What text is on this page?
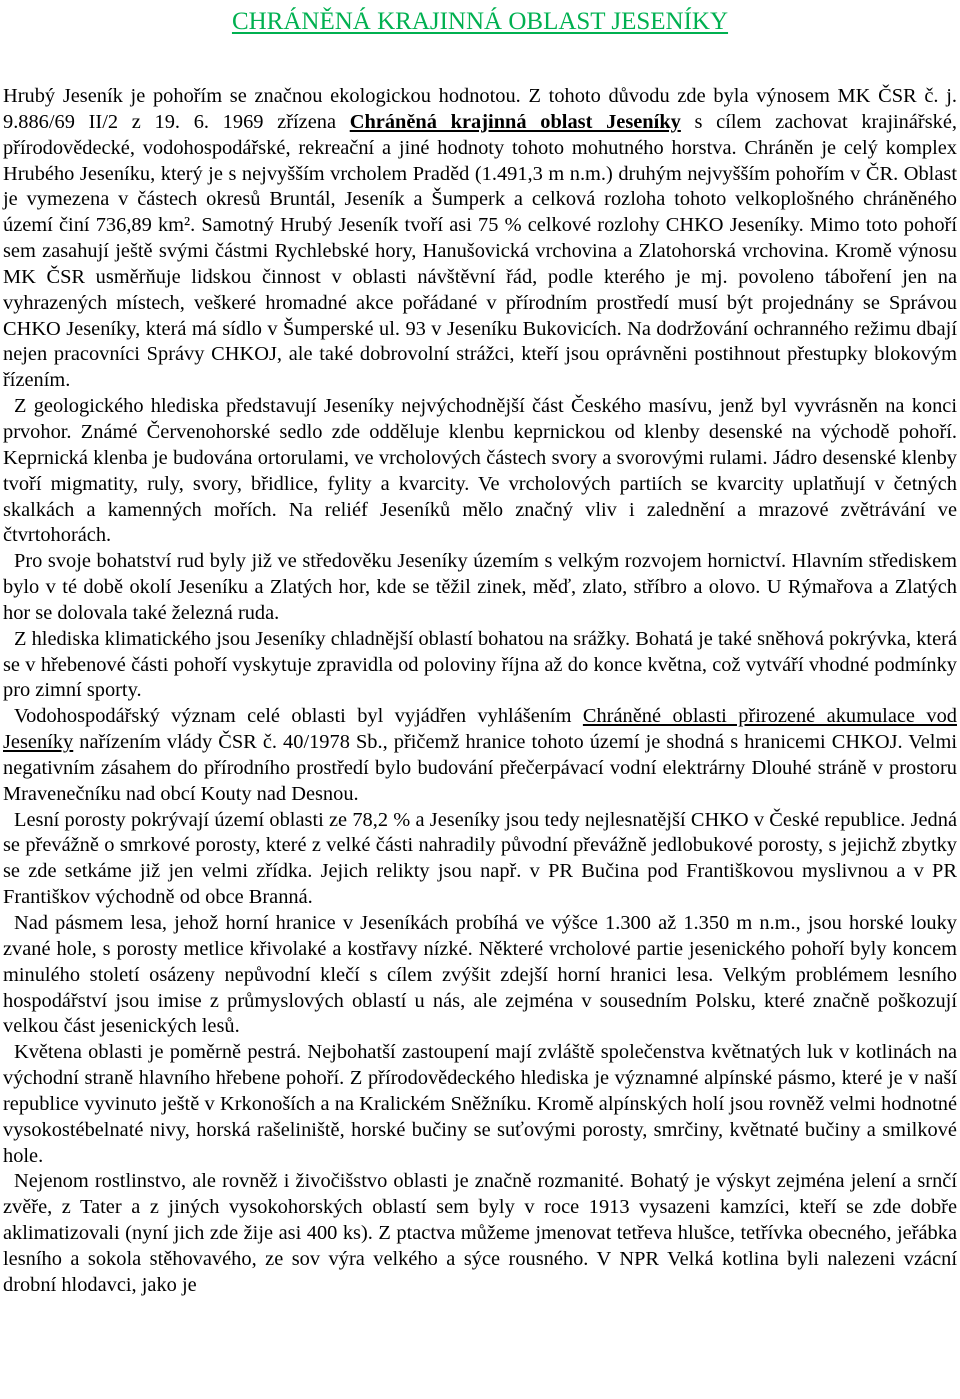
CHRÁNĚNÁ KRAJINNÁ OBLAST JESENÍKY

Hrubý Jeseník je pohořím se značnou ekologickou hodnotou. Z tohoto důvodu zde byla výnosem MK ČSR č. j. 9.886/69 II/2 z 19. 6. 1969 zřízena Chráněná krajinná oblast Jeseníky s cílem zachovat krajinářské, přírodovědecké, vodohospodářské, rekreační a jiné hodnoty tohoto mohutného horstva. Chráněn je celý komplex Hrubého Jeseníku, který je s nejvyšším vrcholem Praděd (1.491,3 m n.m.) druhým nejvyšším pohořím v ČR. Oblast je vymezena v částech okresů Bruntál, Jeseník a Šumperk a celková rozloha tohoto velkoplošného chráněného území činí 736,89 km². Samotný Hrubý Jeseník tvoří asi 75 % celkové rozlohy CHKO Jeseníky. Mimo toto pohoří sem zasahují ještě svými částmi Rychlebské hory, Hanušovická vrchovina a Zlatohorská vrchovina. Kromě výnosu MK ČSR usměrňuje lidskou činnost v oblasti návštěvní řád, podle kterého je mj. povoleno táboření jen na vyhrazených místech, veškeré hromadné akce pořádané v přírodním prostředí musí být projednány se Správou CHKO Jeseníky, která má sídlo v Šumperské ul. 93 v Jeseníku Bukovicích. Na dodržování ochranného režimu dbají nejen pracovníci Správy CHKOJ, ale také dobrovolní strážci, kteří jsou oprávněni postihnout přestupky blokovým řízením.

Z geologického hlediska představují Jeseníky nejvýchodnější část Českého masívu, jenž byl vyvrásněn na konci prvohor. Známé Červenohorské sedlo zde odděluje klenbu keprnickou od klenby desenské na východě pohoří. Keprnická klenba je budována ortorulami, ve vrcholových částech svory a svorovými rulami. Jádro desenské klenby tvoří migmatity, ruly, svory, břidlice, fylity a kvarcity. Ve vrcholových partiích se kvarcity uplatňují v četných skalkách a kamenných mořích. Na reliéf Jeseníků mělo značný vliv i zalednění a mrazové zvětrávání ve čtvrtohorách.

Pro svoje bohatství rud byly již ve středověku Jeseníky územím s velkým rozvojem hornictví. Hlavním střediskem bylo v té době okolí Jeseníku a Zlatých hor, kde se těžil zinek, měď, zlato, stříbro a olovo. U Rýmařova a Zlatých hor se dolovala také železná ruda.

Z hlediska klimatického jsou Jeseníky chladnější oblastí bohatou na srážky. Bohatá je také sněhová pokrývka, která se v hřebenové části pohoří vyskytuje zpravidla od poloviny října až do konce května, což vytváří vhodné podmínky pro zimní sporty.

Vodohospodářský význam celé oblasti byl vyjádřen vyhlášením Chráněné oblasti přirozené akumulace vod Jeseníky nařízením vlády ČSR č. 40/1978 Sb., přičemž hranice tohoto území je shodná s hranicemi CHKOJ. Velmi negativním zásahem do přírodního prostředí bylo budování přečerpávací vodní elektrárny Dlouhé stráně v prostoru Mravenečníku nad obcí Kouty nad Desnou.

Lesní porosty pokrývají území oblasti ze 78,2 % a Jeseníky jsou tedy nejlesnatější CHKO v České republice. Jedná se převážně o smrkové porosty, které z velké části nahradily původní převážně jedlobukové porosty, s jejichž zbytky se zde setkáme již jen velmi zřídka. Jejich relikty jsou např. v PR Bučina pod Františkovou myslivnou a v PR Františkov východně od obce Branná.

Nad pásmem lesa, jehož horní hranice v Jeseníkách probíhá ve výšce 1.300 až 1.350 m n.m., jsou horské louky zvané hole, s porosty metlice křivolaké a kostřavy nízké. Některé vrcholové partie jesenického pohoří byly koncem minulého století osázeny nepůvodní klečí s cílem zvýšit zdejší horní hranici lesa. Velkým problémem lesního hospodářství jsou imise z průmyslových oblastí u nás, ale zejména v sousedním Polsku, které značně poškozují velkou část jesenických lesů.

Květena oblasti je poměrně pestrá. Nejbohatší zastoupení mají zvláště společenstva květnatých luk v kotlinách na východní straně hlavního hřebene pohoří. Z přírodovědeckého hlediska je významné alpínské pásmo, které je v naší republice vyvinuto ještě v Krkonoších a na Kralickém Sněžníku. Kromě alpínských holí jsou rovněž velmi hodnotné vysokostébelnaté nivy, horská rašeliniště, horské bučiny se suťovými porosty, smrčiny, květnaté bučiny a smilkové hole.

Nejenom rostlinstvo, ale rovněž i živočišstvo oblasti je značně rozmanité. Bohatý je výskyt zejména jelení a srnčí zvěře, z Tater a z jiných vysokohorských oblastí sem byly v roce 1913 vysazeni kamzíci, kteří se zde dobře aklimatizovali (nyní jich zde žije asi 400 ks). Z ptactva můžeme jmenovat tetřeva hlušce, tetřívka obecného, jeřábka lesního a sokola stěhovavého, ze sov výra velkého a sýce rousného. V NPR Velká kotlina byli nalezeni vzácní drobní hlodavci, jako je
